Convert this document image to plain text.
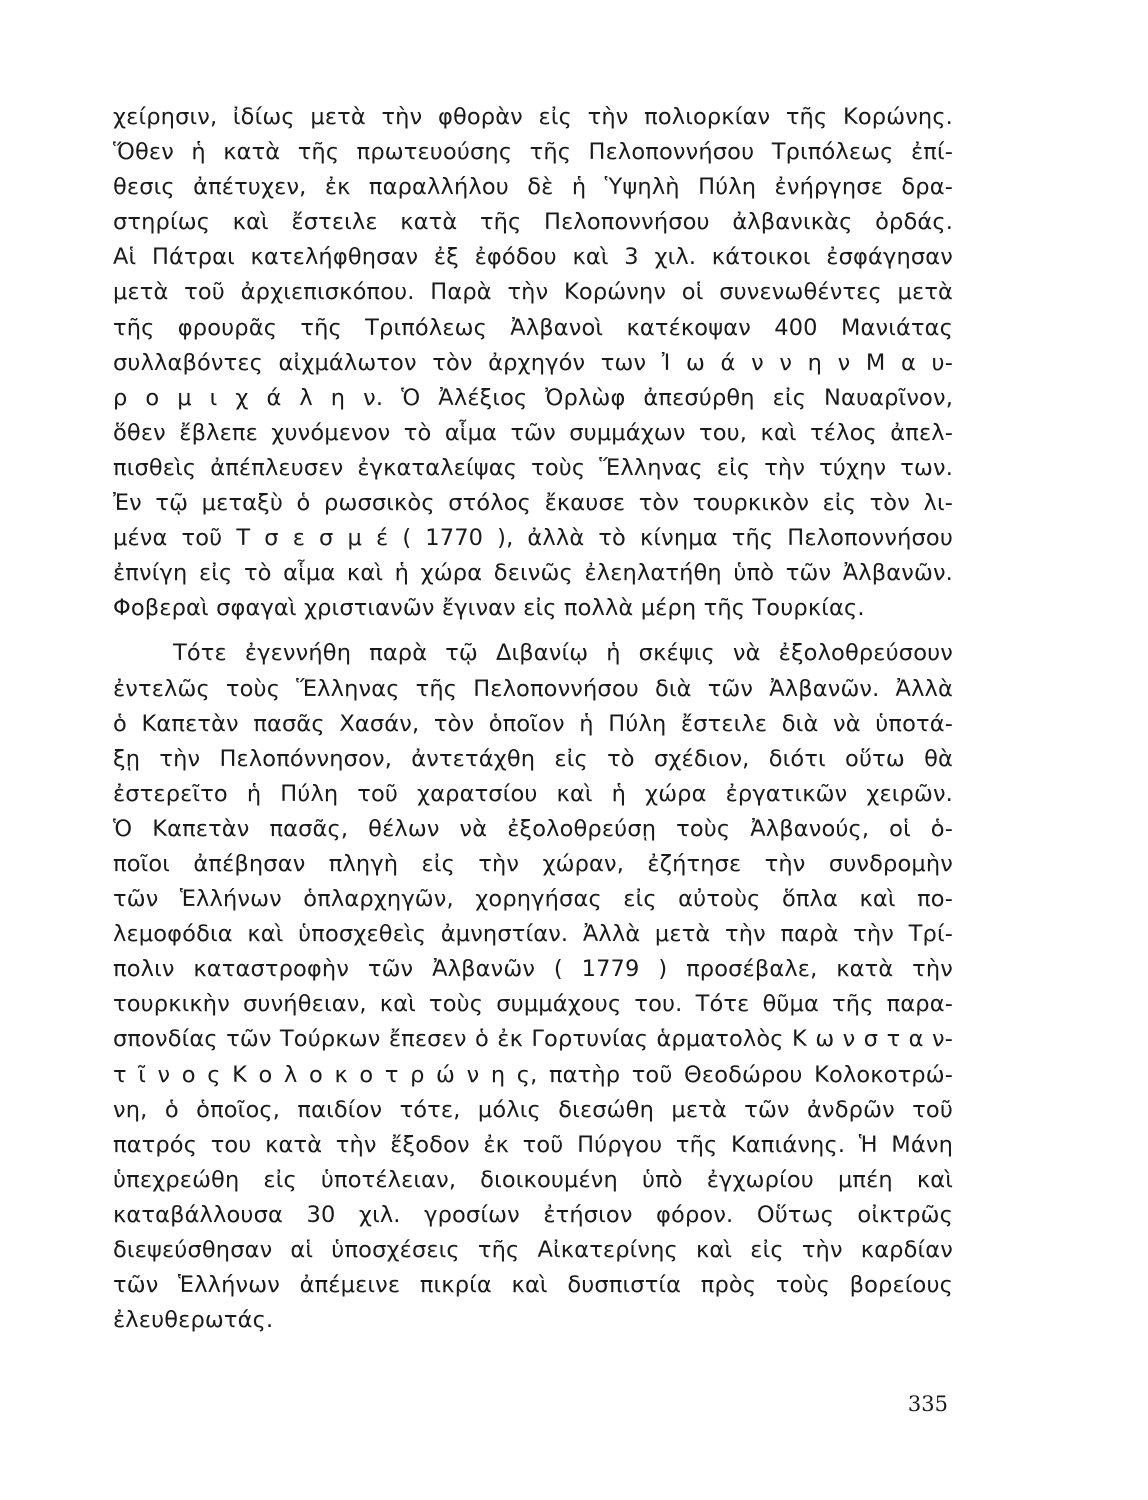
χείρησιν, ἰδίως μετὰ τὴν φθορὰν εἰς τὴν πολιορκίαν τῆς Κορώνης.
Ὅθεν ἡ κατὰ τῆς πρωτευούσης τῆς Πελοποννήσου Τριπόλεως ἐπί-
θεσις ἀπέτυχεν, ἐκ παραλλήλου δὲ ἡ Ὑψηλὴ Πύλη ἐνήργησε δρα-
στηρίως καὶ ἔστειλε κατὰ τῆς Πελοποννήσου ἀλβανικὰς ὀρδάς.
Αἱ Πάτραι κατελήφθησαν ἐξ ἐφόδου καὶ 3 χιλ. κάτοικοι ἐσφάγησαν
μετὰ τοῦ ἀρχιεπισκόπου. Παρὰ τὴν Κορώνην οἱ συνενωθέντες μετὰ
τῆς φρουρᾶς τῆς Τριπόλεως Ἀλβανοὶ κατέκοψαν 400 Μανιάτας
συλλαβόντες αἰχμάλωτον τὸν ἀρχηγόν των Ἰ ω ά ν ν η ν Μ α υ-
ρ ο μ ι χ ά λ η ν. Ὁ Ἀλέξιος Ὀρλὼφ ἀπεσύρθη εἰς Ναυαρῖνον,
ὅθεν ἔβλεπε χυνόμενον τὸ αἷμα τῶν συμμάχων του, καὶ τέλος ἀπελ-
πισθεὶς ἀπέπλευσεν ἐγκαταλείψας τοὺς Ἕλληνας εἰς τὴν τύχην των.
Ἐν τῷ μεταξὺ ὁ ρωσσικὸς στόλος ἔκαυσε τὸν τουρκικὸν εἰς τὸν λι-
μένα τοῦ Τ σ ε σ μ έ ( 1770 ), ἀλλὰ τὸ κίνημα τῆς Πελοποννήσου
ἐπνίγη εἰς τὸ αἷμα καὶ ἡ χώρα δεινῶς ἐλεηλατήθη ὑπὸ τῶν Ἀλβανῶν.
Φοβεραὶ σφαγαὶ χριστιανῶν ἔγιναν εἰς πολλὰ μέρη τῆς Τουρκίας.
Τότε ἐγεννήθη παρὰ τῷ Διβανίῳ ἡ σκέψις νὰ ἐξολοθρεύσουν
ἐντελῶς τοὺς Ἕλληνας τῆς Πελοποννήσου διὰ τῶν Ἀλβανῶν. Ἀλλὰ
ὁ Καπετὰν πασᾶς Χασάν, τὸν ὁποῖον ἡ Πύλη ἔστειλε διὰ νὰ ὑποτά-
ξῃ τὴν Πελοπόννησον, ἀντετάχθη εἰς τὸ σχέδιον, διότι οὕτω θὰ
ἐστερεῖτο ἡ Πύλη τοῦ χαρατσίου καὶ ἡ χώρα ἐργατικῶν χειρῶν.
Ὁ Καπετὰν πασᾶς, θέλων νὰ ἐξολοθρεύσῃ τοὺς Ἀλβανούς, οἱ ὁ-
ποῖοι ἀπέβησαν πληγὴ εἰς τὴν χώραν, ἐζήτησε τὴν συνδρομὴν
τῶν Ἑλλήνων ὁπλαρχηγῶν, χορηγήσας εἰς αὐτοὺς ὅπλα καὶ πο-
λεμοφόδια καὶ ὑποσχεθεὶς ἀμνηστίαν. Ἀλλὰ μετὰ τὴν παρὰ τὴν Τρί-
πολιν καταστροφὴν τῶν Ἀλβανῶν ( 1779 ) προσέβαλε, κατὰ τὴν
τουρκικὴν συνήθειαν, καὶ τοὺς συμμάχους του. Τότε θῦμα τῆς παρα-
σπονδίας τῶν Τούρκων ἔπεσεν ὁ ἐκ Γορτυνίας ἁρματολὸς Κ ω ν σ τ α ν-
τ ῖ ν ο ς Κ ο λ ο κ ο τ ρ ώ ν η ς, πατὴρ τοῦ Θεοδώρου Κολοκοτρώ-
νη, ὁ ὁποῖος, παιδίον τότε, μόλις διεσώθη μετὰ τῶν ἀνδρῶν τοῦ
πατρός του κατὰ τὴν ἔξοδον ἐκ τοῦ Πύργου τῆς Καπιάνης. Ἡ Μάνη
ὑπεχρεώθη εἰς ὑποτέλειαν, διοικουμένη ὑπὸ ἐγχωρίου μπέη καὶ
καταβάλλουσα 30 χιλ. γροσίων ἐτήσιον φόρον. Οὕτως οἰκτρῶς
διεψεύσθησαν αἱ ὑποσχέσεις τῆς Αἰκατερίνης καὶ εἰς τὴν καρδίαν
τῶν Ἑλλήνων ἀπέμεινε πικρία καὶ δυσπιστία πρὸς τοὺς βορείους
ἐλευθερωτάς.
335
